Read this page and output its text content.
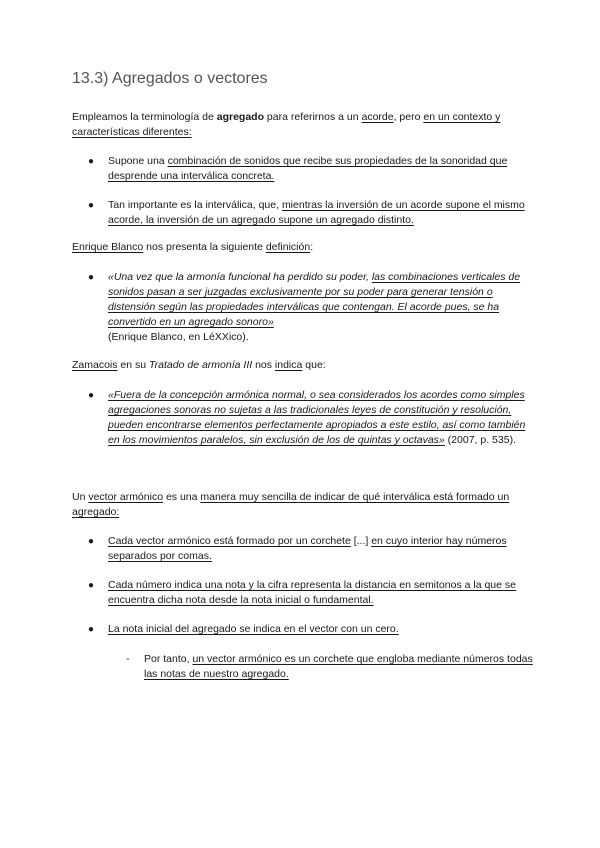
13.3) Agregados o vectores

Empleamos la terminología de agregado para referirnos a un acorde, pero en un contexto y características diferentes:

●	Supone una combinación de sonidos que recibe sus propiedades de la sonoridad que desprende una interválica concreta.

●	Tan importante es la interválica, que, mientras la inversión de un acorde supone el mismo acorde, la inversión de un agregado supone un agregado distinto.

Enrique Blanco nos presenta la siguiente definición:

●	«Una vez que la armonía funcional ha perdido su poder, las combinaciones verticales de sonidos pasan a ser juzgadas exclusivamente por su poder para generar tensión o distensión según las propiedades interválicas que contengan. El acorde pues, se ha convertido en un agregado sonoro»
(Enrique Blanco, en LéXXico).

Zamacois en su Tratado de armonía III nos indica que:

●	«Fuera de la concepción armónica normal, o sea considerados los acordes como simples agregaciones sonoras no sujetas a las tradicionales leyes de constitución y resolución, pueden encontrarse elementos perfectamente apropiados a este estilo, así como también en los movimientos paralelos, sin exclusión de los de quintas y octavas» (2007, p. 535).

Un vector armónico es una manera muy sencilla de indicar de qué interválica está formado un agregado:

●	Cada vector armónico está formado por un corchete [...] en cuyo interior hay números separados por comas.

●	Cada número indica una nota y la cifra representa la distancia en semitonos a la que se encuentra dicha nota desde la nota inicial o fundamental.

●	La nota inicial del agregado se indica en el vector con un cero.

-	Por tanto, un vector armónico es un corchete que engloba mediante números todas las notas de nuestro agregado.
